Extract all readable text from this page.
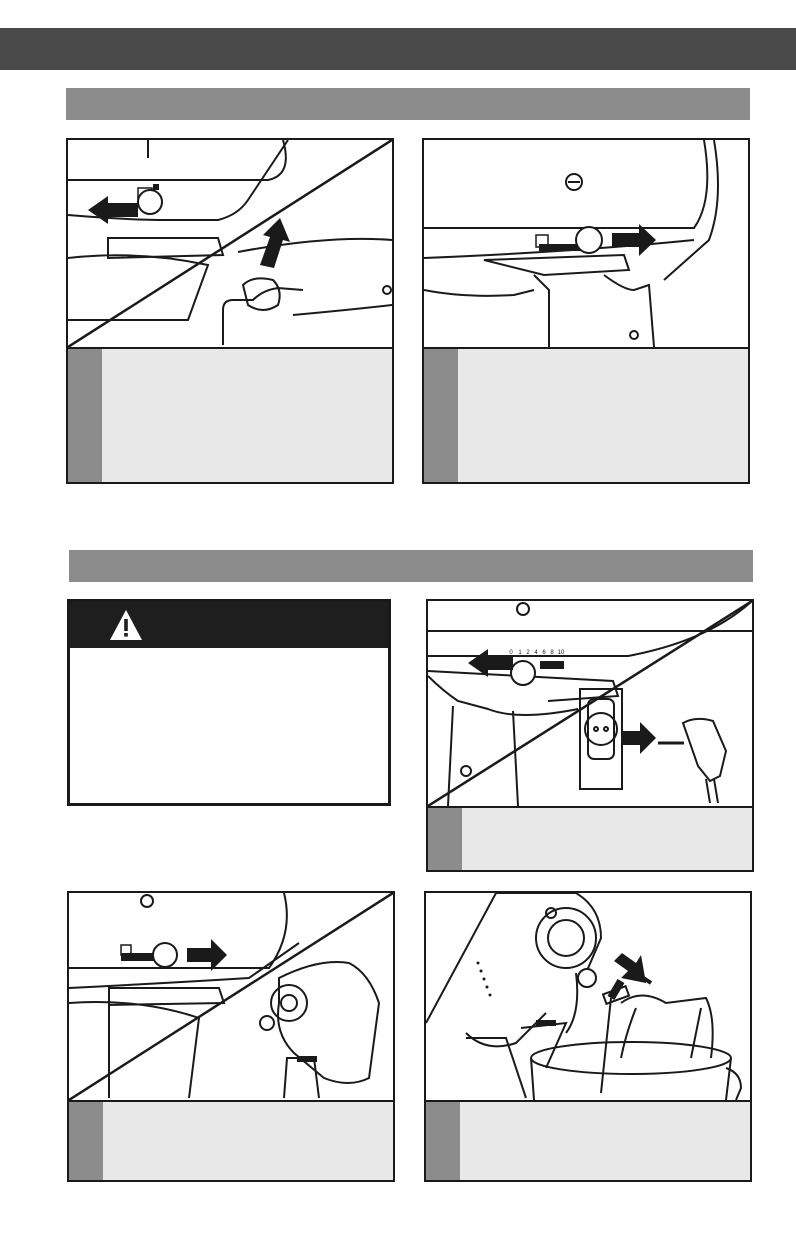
0 1 2 4 6 8 10
